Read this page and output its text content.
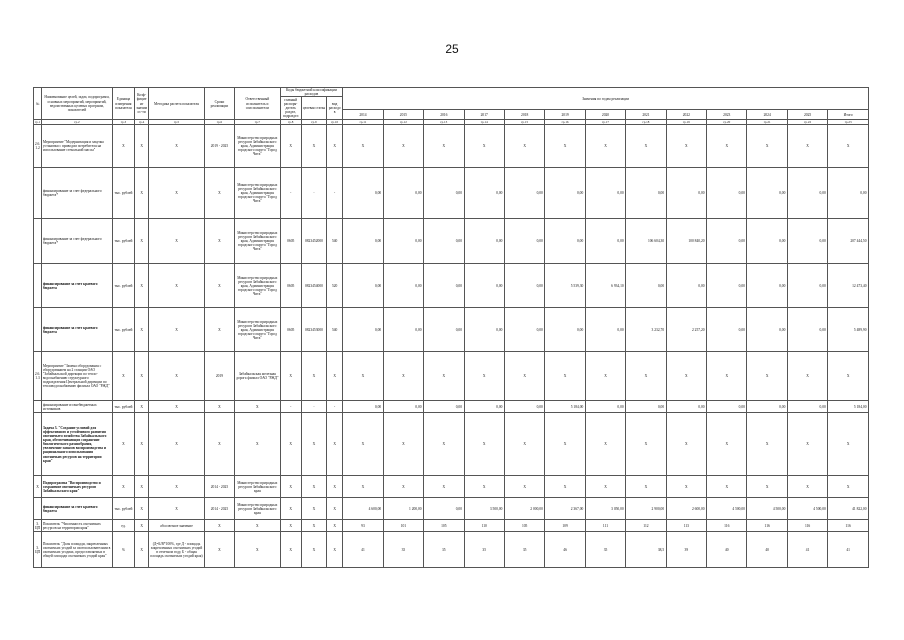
25
№	Наименование целей, задач, подпрограмм, основных мероприятий, мероприятий, ведомственных целевых программ, показателей	Единица измерения показателя	Коэф-фициент значимос-ти	Методика расчета показателя	Сроки реализации	Ответственный исполнитель и соисполнители	Коды бюджетной классификации расходов			Значения по годам реализации												
							главный распоря-дитель раздел, подраздел	целевая статья	вид расходов													
										2014	2015	2016	2017	2018	2019	2020	2021	2022	2023	2024	2025	Итого
гр.1	гр.2	гр.3	гр.4	гр.5	гр.6	гр.7	гр.8	гр.9	гр.10	гр.11	гр.12	гр.13	гр.14	гр.15	гр.16	гр.17	гр.18	гр.19	гр.20	гр.21	гр.22	гр.23
2.6.1.2	Мероприятие "Модернизация и закупка установки с приводом потребителя на использование стекольной массы"	X	X	X	2019 - 2025	Министерство природных ресурсов Забайкальского края, Администрация городского округа "Город Чита"	X	X	X	X	X	X	X	X	X	X	X	X	X	X	X	X
	финансирование за счет федерального бюджета*	тыс. рублей	X	X	X	Министерство природных ресурсов Забайкальского края, Администрация городского округа "Город Чита"	-	-	-	0,00	0,00	0,00	0,00	0,00	0,00	0,00	0,00	0,00	0,00	0,00	0,00	0,00
	финансирование за счет федерального бюджета*	тыс. рублей	X	X	X	Министерство природных ресурсов Забайкальского края, Администрация городского округа "Город Чита"	0605	0823452000	540	0,00	0,00	0,00	0,00	0,00	0,00	0,00	106 604,30	100 840,20	0,00	0,00	0,00	207 444,50
	финансирование за счет краевого бюджета	тыс. рублей	X	X	X	Министерство природных ресурсов Забайкальского края, Администрация городского округа "Город Чита"	0605	0823454000	520	0,00	0,00	0,00	0,00	0,00	5 539,30	6 934,10	0,00	0,00	0,00	0,00	0,00	12 473,40
	финансирование за счет краевого бюджета	тыс. рублей	X	X	X	Министерство природных ресурсов Забайкальского края, Администрация городского округа "Город Чита"	0605	0823453000	540	0,00	0,00	0,00	0,00	0,00	0,00	0,00	3 232,70	2 257,20	0,00	0,00	0,00	5 489,90
2.6.1.3	Мероприятие "Замена оборудования с оборудованием на 2 станции ОАО "Забайкальской дирекции по тепло-водоснабжению структурного подразделения Центральной дирекции по тепловодоснабжению филиала ОАО "РЖД"	X	X	X	2019	Забайкальская железная дорога филиал ОАО "РЖД"	X	X	X	X	X	X	X	X	X	X	X	X	X	X	X	X
	финансирование из внебюджетных источников	тыс. рублей	X	X	X	X	-	-	-	0,00	0,00	0,00	0,00	0,00	5 184,00	0,00	0,00	0,00	0,00	0,00	0,00	5 184,00
	Задача 3. "Создание условий для эффективного и устойчивого развития охотничьего хозяйства Забайкальского края, обеспечивающих сохранение биологического разнообразия, увеличение запасов воспроизводства и рационального использования охотничьих ресурсов на территории края"	X	X	X	X	X	X	X	X	X	X	X	X	X	X	X	X	X	X	X	X	X
X	Подпрограмма "Воспроизводство и сохранение охотничьих ресурсов Забайкальского края"	X	X	X	2014 - 2025	Министерство природных ресурсов Забайкальского края	X	X	X	X	X	X	X	X	X	X	X	X	X	X	X	X
	финансирование за счет краевого бюджета	тыс. рублей	X	X	2014 - 2025	Министерство природных ресурсов Забайкальского края	X	X	X	4 600,00	1 200,00	0,00	3 500,00	2 000,00	2 367,00	3 050,00	2 900,00	2 600,00	4 500,00	4 500,00	4 500,00	41 822,00
3. ЦП	Показатель "Численность охотничьих ресурсов на территории края"	ед.	X	абсолютное значение	X	X	X	X	X	93	101	105	110	105	109	111	112	113	116	116	116	116
3. ЦП	Показатель "Доля площади, закрепленных охотничьих угодий за охотпользователями в охотничьих угодиях, предоставляемых в общей площади охотничьих угодий края"	%	X	(Д=Б/В*100%, где Д - площадь закрепленных охотничьих угодий в отчетном году, Б - общая площадь охотничьих угодий края)	X	X	X	X	X	41	35	35	35	35	46	35	38,5	39	40	40	41	41
